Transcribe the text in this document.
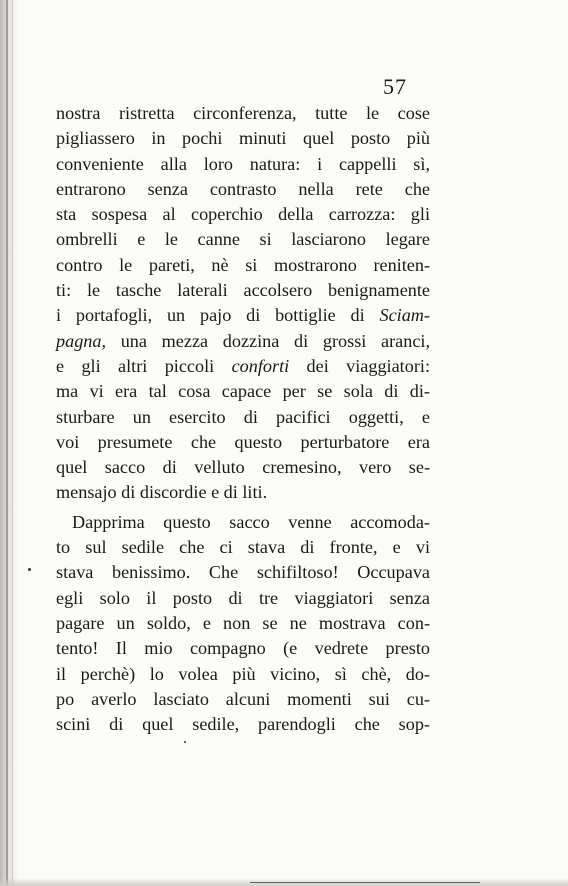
57
nostra ristretta circonferenza, tutte le cose
pigliassero in pochi minuti quel posto più
conveniente alla loro natura: i cappelli sì,
entrarono senza contrasto nella rete che
sta sospesa al coperchio della carrozza: gli
ombrelli e le canne si lasciarono legare
contro le pareti, nè si mostrarono reniten-
ti: le tasche laterali accolsero benignamente
i portafogli, un pajo di bottiglie di Sciam-
pagna, una mezza dozzina di grossi aranci,
e gli altri piccoli conforti dei viaggiatori:
ma vi era tal cosa capace per se sola di di-
sturbare un esercito di pacifici oggetti, e
voi presumete che questo perturbatore era
quel sacco di velluto cremesino, vero se-
mensajo di discordie e di liti.
Dapprima questo sacco venne accomoda-
to sul sedile che ci stava di fronte, e vi
stava benissimo. Che schifiltoso! Occupava
egli solo il posto di tre viaggiatori senza
pagare un soldo, e non se ne mostrava con-
tento! Il mio compagno (e vedrete presto
il perchè) lo volea più vicino, sì chè, do-
po averlo lasciato alcuni momenti sui cu-
scini di quel sedile, parendogli che sop-
